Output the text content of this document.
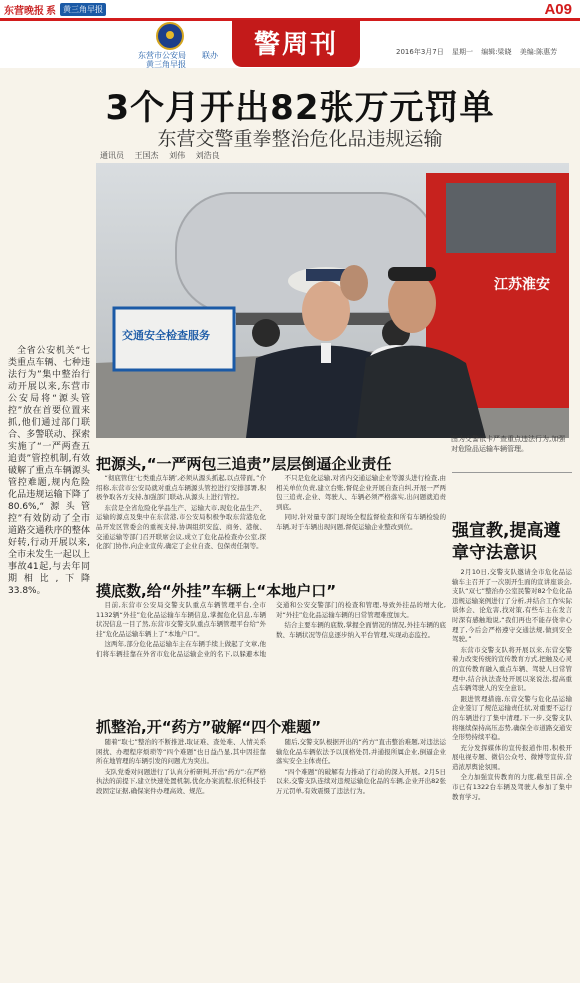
东营晚报 系 黄三角早报	A09
东营市公安局
黄三角早报
联办	警周刊	2016年3月7日 星期一 编辑:梁晓 美编:陈惠芳
3个月开出82张万元罚单
东营交警重拳整治危化品违规运输
通讯员 王国杰 刘伟 刘浩良
江苏淮安
交通安全检查服务
图为交警依卡严查重点违法行为,加强对危险品运输车辆管理。

全省公安机关“七类重点车辆、七种违法行为”集中整治行动开展以来,东营市公安局将“源头管控”放在首要位置来抓,他们通过部门联合、多警联动、探索实施了“一严两查五追责”管控机制,有效破解了重点车辆源头管控难题,规内危险化品违规运输下降了80.6%,“源头管控”有效防动了全市道路交通秩序的整体好转,行动开展以来,全市未发生一起以上事故41起,与去年同期相比,下降33.8%。

把源头,“一严两包三追责”层层倒逼企业责任

“彻底管住‘七类重点车辆’,必须从源头抓起,以点带面。”介绍称,东营市公安局就对重点车辆源头管控进行安排部署,积极争取各方支持,加强部门联动,从源头上进行管控。

东营是全省危险化学品生产、运输大市,现危化品生产、运输的源点及集中在东营港,市公安局积极争取东营港危化品开发区管委会的重视支持,协调组织安监、商务、港航、交通运输等部门召开联席会议,成立了危化品检查办公室,探化部门协作,向企业宣传,确定了企业自查、包保责任制等。

不只是危化运输,对省内交通运输企业等源头进行检查,由相关单位负责,建立台账,督促企业开展自查自纠,开展一严两包三追责,企业、驾驶人、车辆必须严格落实,出问题就追责到底。

同时,针对量专部门现场全程监督检查和所有车辆检验的车辆,对于车辆出现问题,督促运输企业整改到位。

摸底数,给“外挂”车辆上“本地户口”

目前,东营市公安局交警支队重点车辆管理平台,全市1132辆“外挂”危化品运输车车辆信息,掌握危化信息,车辆状况信息一目了然,东营市交警支队重点车辆管理平台给“外挂”危化品运输车辆上了“本地户口”。

这两年,部分危化品运输车主在车辆手续上做起了文章,他们将车辆挂靠在外省市危化品运输企业的名下,以躲避本地交通和公安交警部门的检查和管理,导致外挂品的增大化,对“外挂”危化品运输车辆的日常管理难度加大。

结合主要车辆的底数,掌握全面情况的情况,外挂车辆的底数、车辆状况等信息逐步纳入平台管理,实现动态监控。

抓整治,开“药方”破解“四个难题”

随着“取七”整治的不断推进,取证难、查处难、人情关系困扰、办理程序烦琐等“四个难题”也日益凸显,其中因挂靠所在地管理的车辆引发的问题尤为突出。

支队党委对问题进行了认真分析研判,开出“药方”:在严格执法的前提下,建立快速处置机制,优化办案流程,依托科技手段固定证据,确保案件办理高效、规范。

随后,交警支队根据开出的“药方”直击整治难题,对违法运输危化品车辆依法予以顶格处罚,并通报所属企业,倒逼企业落实安全主体责任。

“四个难题”的破解有力推动了行动的深入开展。2月5日以来,交警支队连续对违规运输危化品的车辆,企业开出82张万元罚单,有效震慑了违法行为。

强宣教,提高遵章守法意识

2月10日,交警支队邀请全市危化品运输车主召开了一次别开生面的宣讲座谈会,支队“双七”整治办公室民警对82个危化品违规运输案例进行了分析,并结合工作实际谈体会、论危害,找对策,有些车主在发言时深有感触地说,“我们再也不能存侥幸心理了,今后会严格遵守交通法规,做到安全驾驶。”

东营市交警支队将开展以来,东营交警着力改变传统的宣传教育方式,把触及心灵的宣传教育融入重点车辆、驾驶人日常管理中,结合执法查处开展以案说法,提高重点车辆驾驶人的安全意识。

跟进管理措施,东营交警与危化品运输企业签订了规范运输责任状,对重要不运行的车辆进行了集中清理,下一步,交警支队将继续保持高压态势,确保全市道路交通安全形势持续平稳。

充分发挥媒体的宣传报道作用,积极开展电视专题、微信公众号、微博等宣传,营造浓厚舆论氛围。

全力加强宣传教育的力度,截至目前,全市已有1322台车辆及驾驶人参加了集中教育学习。
